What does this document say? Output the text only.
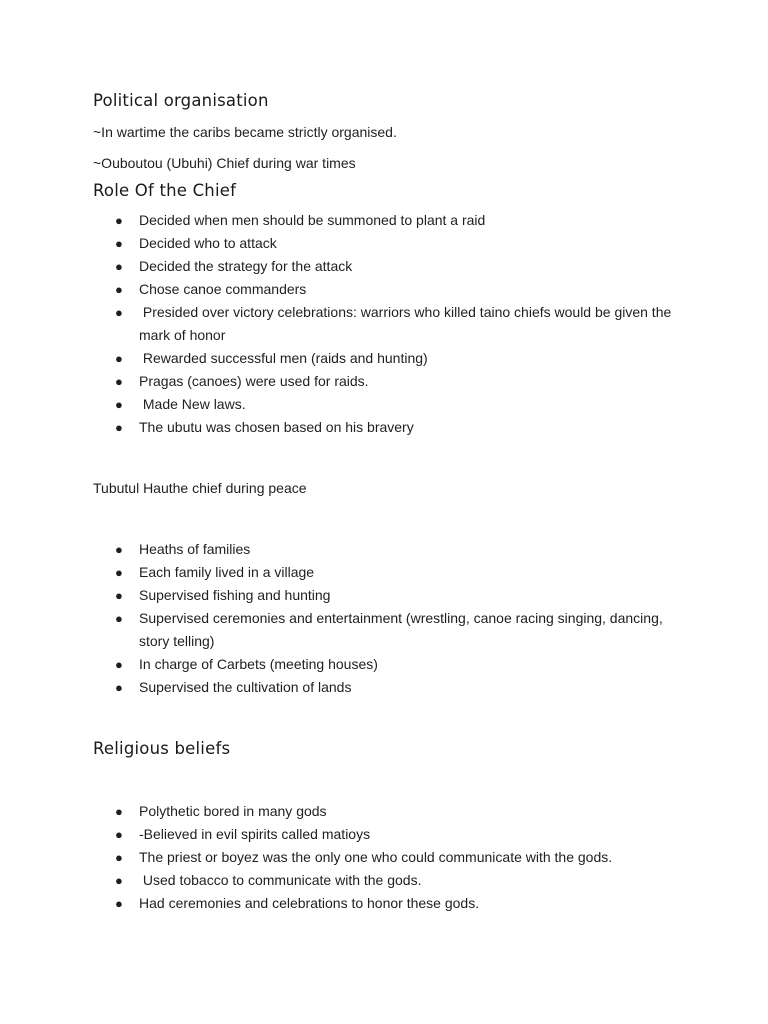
Political organisation

~In wartime the caribs became strictly organised.

~Ouboutou (Ubuhi) Chief during war times

Role Of the Chief
● Decided when men should be summoned to plant a raid
● Decided who to attack
● Decided the strategy for the attack
● Chose canoe commanders
● Presided over victory celebrations: warriors who killed taino chiefs would be given the mark of honor
● Rewarded successful men (raids and hunting)
● Pragas (canoes) were used for raids.
● Made New laws.
● The ubutu was chosen based on his bravery

Tubutul Hauthe chief during peace

● Heaths of families
● Each family lived in a village
● Supervised fishing and hunting
● Supervised ceremonies and entertainment (wrestling, canoe racing singing, dancing, story telling)
● In charge of Carbets (meeting houses)
● Supervised the cultivation of lands
Religious beliefs
● Polythetic bored in many gods
● -Believed in evil spirits called matioys
● The priest or boyez was the only one who could communicate with the gods.
● Used tobacco to communicate with the gods.
● Had ceremonies and celebrations to honor these gods.
